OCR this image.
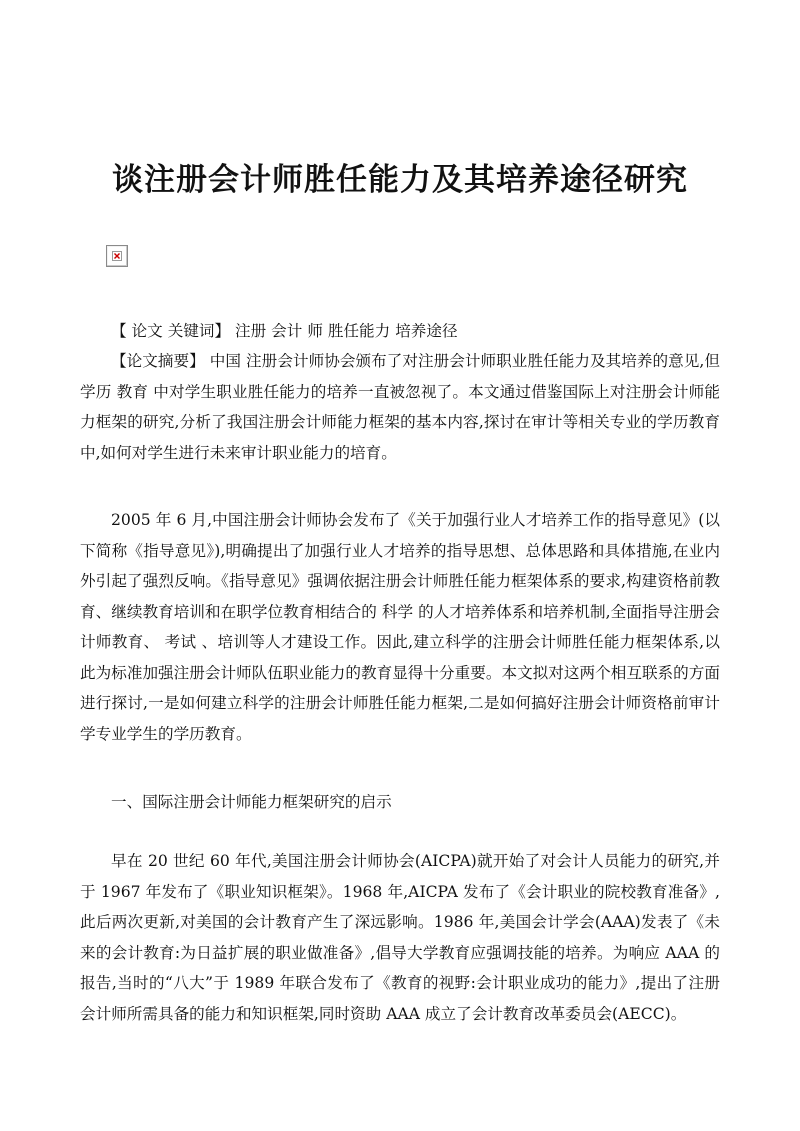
谈注册会计师胜任能力及其培养途径研究

【 论文 关键词】 注册 会计 师 胜任能力 培养途径

【论文摘要】 中国 注册会计师协会颁布了对注册会计师职业胜任能力及其培养的意见,但学历 教育 中对学生职业胜任能力的培养一直被忽视了。本文通过借鉴国际上对注册会计师能力框架的研究,分析了我国注册会计师能力框架的基本内容,探讨在审计等相关专业的学历教育中,如何对学生进行未来审计职业能力的培育。

2005 年 6 月,中国注册会计师协会发布了《关于加强行业人才培养工作的指导意见》(以下简称《指导意见》),明确提出了加强行业人才培养的指导思想、总体思路和具体措施,在业内外引起了强烈反响。《指导意见》强调依据注册会计师胜任能力框架体系的要求,构建资格前教育、继续教育培训和在职学位教育相结合的 科学 的人才培养体系和培养机制,全面指导注册会计师教育、 考试 、培训等人才建设工作。因此,建立科学的注册会计师胜任能力框架体系,以此为标准加强注册会计师队伍职业能力的教育显得十分重要。本文拟对这两个相互联系的方面进行探讨,一是如何建立科学的注册会计师胜任能力框架,二是如何搞好注册会计师资格前审计学专业学生的学历教育。

一、国际注册会计师能力框架研究的启示

早在 20 世纪 60 年代,美国注册会计师协会(AICPA)就开始了对会计人员能力的研究,并于 1967 年发布了《职业知识框架》。1968 年,AICPA 发布了《会计职业的院校教育准备》,此后两次更新,对美国的会计教育产生了深远影响。1986 年,美国会计学会(AAA)发表了《未来的会计教育:为日益扩展的职业做准备》,倡导大学教育应强调技能的培养。为响应 AAA 的报告,当时的“八大”于 1989 年联合发布了《教育的视野:会计职业成功的能力》,提出了注册会计师所需具备的能力和知识框架,同时资助 AAA 成立了会计教育改革委员会(AECC)。
